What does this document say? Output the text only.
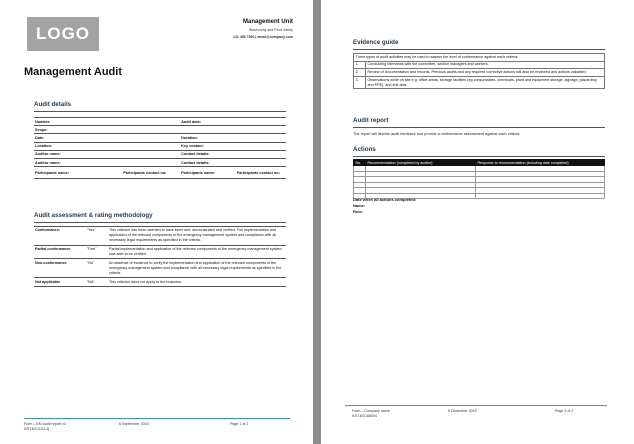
LOGO
Management Unit
Biosecurity and Food Safety
131 486 7890 | email@company.com
Management Audit
Audit details
Number:		Audit date:	
Scope:			
Date:		Duration:	
Location:		Key contact:	
Auditor name:		Contact details:	
Auditor name:		Contact details:	
Participants name:	Participants contact no:	Participants name:	Participants contact no:
Audit assessment & rating methodology
Conformance:	"Yes"	This criterion has been deemed to have been met, demonstrated and verified. Full implementation and application of the relevant components of the emergency management system and compliance with all necessary legal requirements as specified in the criteria.
Partial conformance	"Part"	Partial implementation and application of the relevant components of the emergency management system was able to be verified.
Non-conformance	"No"	An absence of evidence to verify the implementation and application of the relevant components of the emergency management system and compliance with all necessary legal requirements as specified in the criteria.
Not applicable	"NA"	This criterion does not apply to the business.
Form – EM audit report v3
INT16/3-01/3-4]
6 September 2016	Page 1 of 2
Evidence guide
Three types of audit activities may be used to assess the level of conformance against each criteria:	
1.	Conducting interviews with the committee, section managers and workers.
2.	Review of documentation and records. Previous audits and any required corrective actions will also be reviewed and actions validated.
3.	Observations while on site e.g. office areas, storage facilities (eg consumables, chemicals, plant and equipment storage, signage, placarding and PPE), and first aids.
Audit report
The report will itemise audit feedback and provide a conformance assessment against each criteria.
Actions
No.	Recommendation (completed by auditor)	Response to recommendation (including date completed)

Date when all actions completed:
Name:
Role:
Form – Company name
INT16/3-458/04
6 December 2016	Page 2 of 2
